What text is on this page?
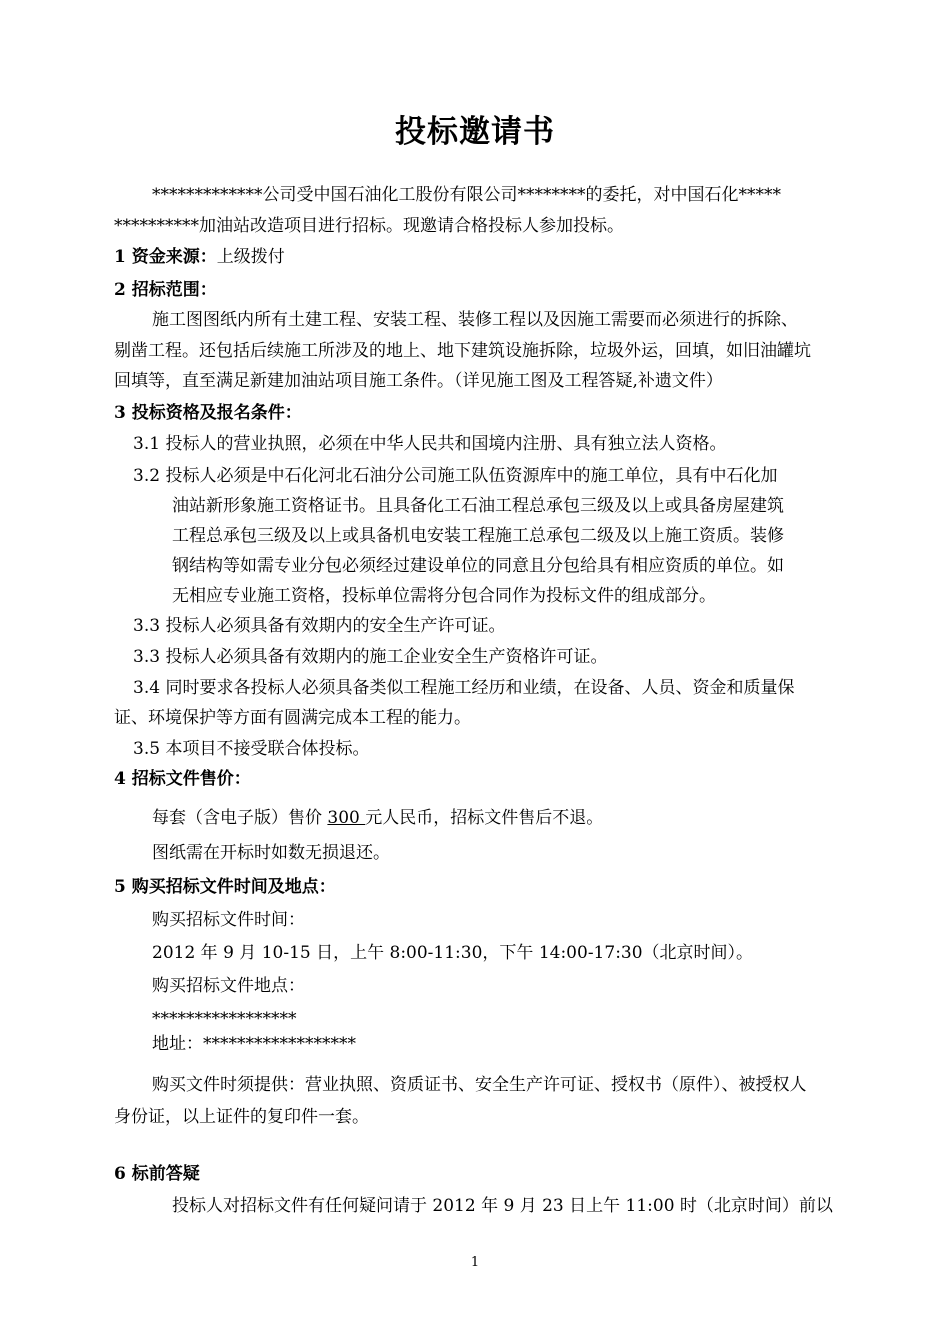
投标邀请书
*************公司受中国石油化工股份有限公司********的委托，对中国石化*****
**********加油站改造项目进行招标。现邀请合格投标人参加投标。
1 资金来源：上级拨付
2 招标范围：
施工图图纸内所有土建工程、安装工程、装修工程以及因施工需要而必须进行的拆除、
剔凿工程。还包括后续施工所涉及的地上、地下建筑设施拆除，垃圾外运，回填，如旧油罐坑
回填等，直至满足新建加油站项目施工条件。（详见施工图及工程答疑,补遗文件）
3 投标资格及报名条件：
3.1 投标人的营业执照，必须在中华人民共和国境内注册、具有独立法人资格。
3.2 投标人必须是中石化河北石油分公司施工队伍资源库中的施工单位，具有中石化加
油站新形象施工资格证书。且具备化工石油工程总承包三级及以上或具备房屋建筑
工程总承包三级及以上或具备机电安装工程施工总承包二级及以上施工资质。装修
钢结构等如需专业分包必须经过建设单位的同意且分包给具有相应资质的单位。如
无相应专业施工资格，投标单位需将分包合同作为投标文件的组成部分。
3.3 投标人必须具备有效期内的安全生产许可证。
3.3 投标人必须具备有效期内的施工企业安全生产资格许可证。
3.4 同时要求各投标人必须具备类似工程施工经历和业绩，在设备、人员、资金和质量保
证、环境保护等方面有圆满完成本工程的能力。
3.5 本项目不接受联合体投标。
4 招标文件售价：
每套（含电子版）售价 300 元人民币，招标文件售后不退。
图纸需在开标时如数无损退还。
5 购买招标文件时间及地点：
购买招标文件时间：
2012 年 9 月 10-15 日，上午 8:00-11:30，下午 14:00-17:30（北京时间）。
购买招标文件地点：
*****************
地址：******************
购买文件时须提供：营业执照、资质证书、安全生产许可证、授权书（原件）、被授权人
身份证，以上证件的复印件一套。
6 标前答疑
投标人对招标文件有任何疑问请于 2012 年 9 月 23 日上午 11:00 时（北京时间）前以
1
